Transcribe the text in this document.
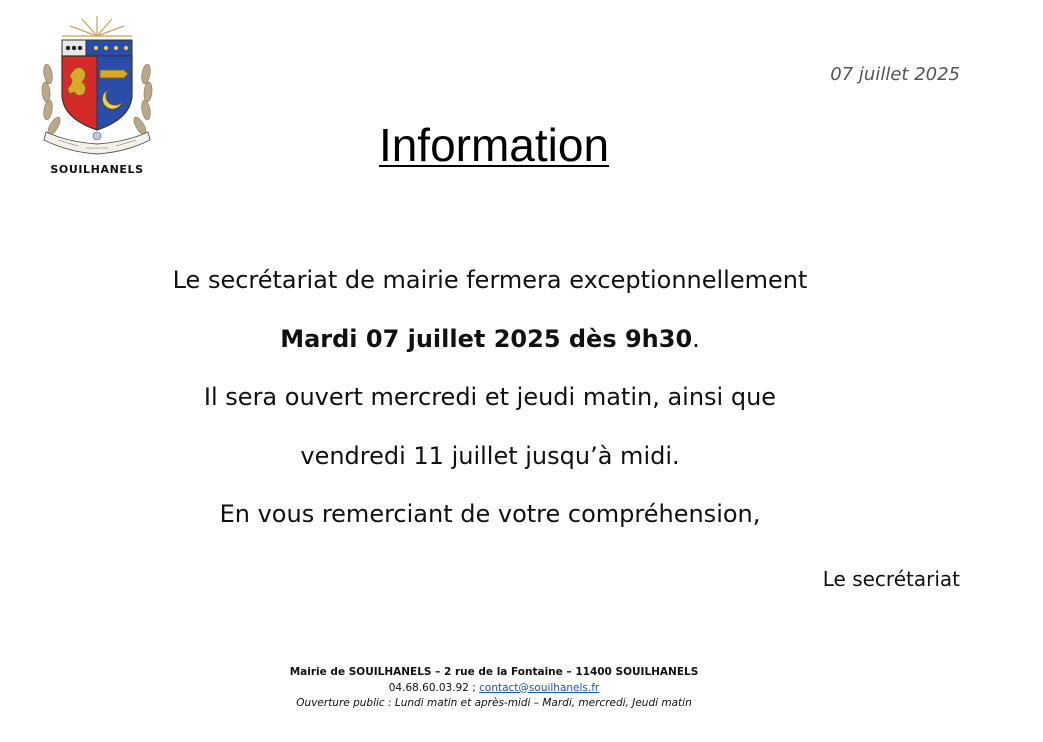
SOUILHANELS
07 juillet 2025
Information
Le secrétariat de mairie fermera exceptionnellement
Mardi 07 juillet 2025 dès 9h30.
Il sera ouvert mercredi et jeudi matin, ainsi que
vendredi 11 juillet jusqu’à midi.
En vous remerciant de votre compréhension,
Le secrétariat
Mairie de SOUILHANELS – 2 rue de la Fontaine – 11400 SOUILHANELS
04.68.60.03.92 ; contact@souilhanels.fr
Ouverture public : Lundi matin et après-midi – Mardi, mercredi, Jeudi matin
